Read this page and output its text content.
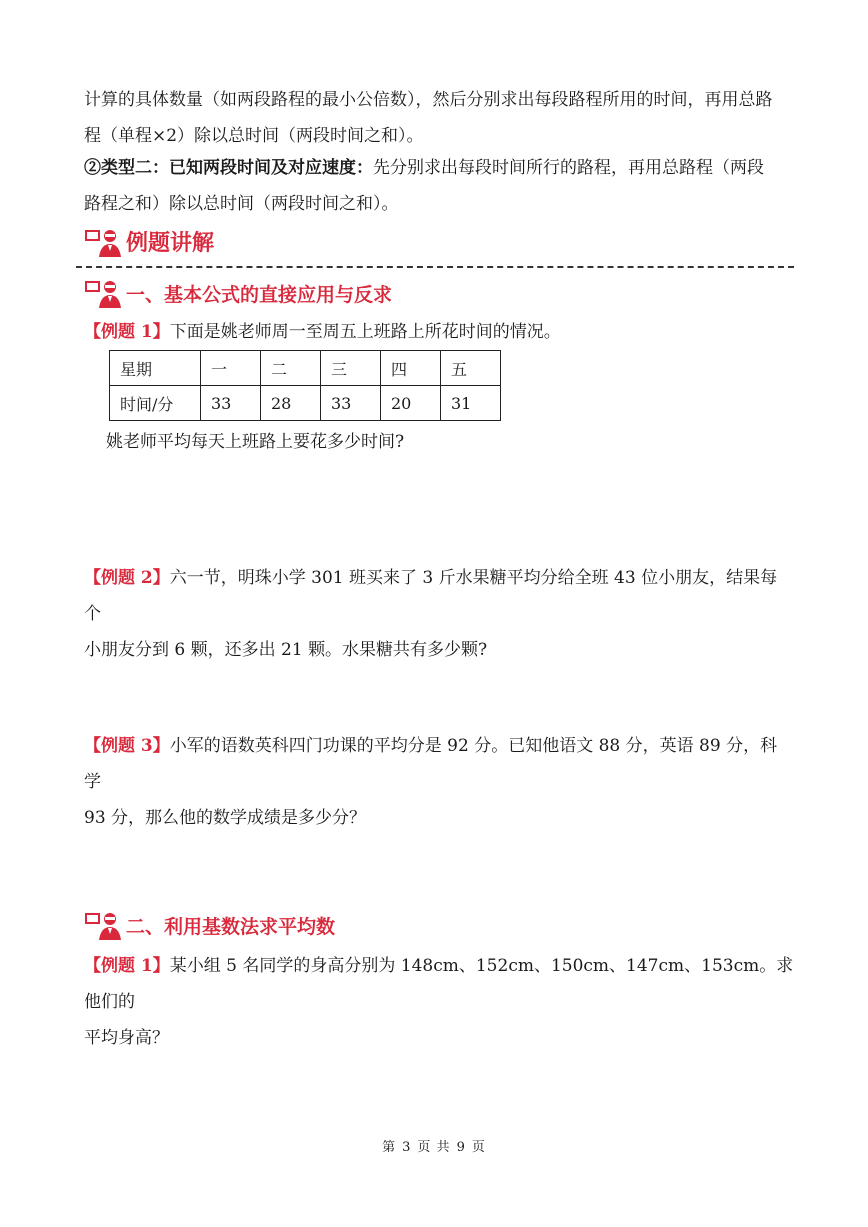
计算的具体数量（如两段路程的最小公倍数），然后分别求出每段路程所用的时间，再用总路
程（单程×2）除以总时间（两段时间之和）。

②类型二：已知两段时间及对应速度：先分别求出每段时间所行的路程，再用总路程（两段
路程之和）除以总时间（两段时间之和）。

例题讲解
一、基本公式的直接应用与反求

【例题 1】下面是姚老师周一至周五上班路上所花时间的情况。

星期	一	二	三	四	五
时间/分	33	28	33	20	31

姚老师平均每天上班路上要花多少时间?

【例题 2】六一节，明珠小学 301 班买来了 3 斤水果糖平均分给全班 43 位小朋友，结果每个
小朋友分到 6 颗，还多出 21 颗。水果糖共有多少颗?

【例题 3】小军的语数英科四门功课的平均分是 92 分。已知他语文 88 分，英语 89 分，科学
93 分，那么他的数学成绩是多少分？

二、利用基数法求平均数

【例题 1】某小组 5 名同学的身高分别为 148cm、152cm、150cm、147cm、153cm。求他们的
平均身高？

第 3 页 共 9 页
